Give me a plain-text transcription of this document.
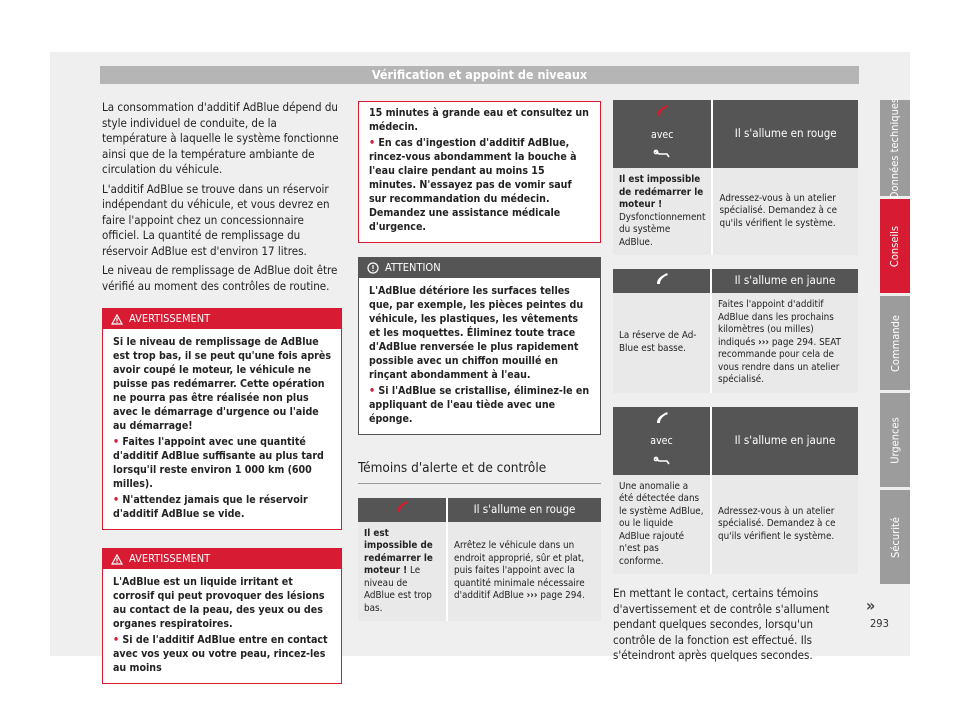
Vérification et appoint de niveaux
Données techniques
Conseils
Commande
Urgences
Sécurité
293

La consommation d'additif AdBlue dépend du style individuel de conduite, de la température à laquelle le système fonctionne ainsi que de la température ambiante de circulation du véhicule.

L'additif AdBlue se trouve dans un réservoir indépendant du véhicule, et vous devrez en faire l'appoint chez un concessionnaire officiel. La quantité de remplissage du réservoir AdBlue est d'environ 17 litres.

Le niveau de remplissage de AdBlue doit être vérifié au moment des contrôles de routine.

AVERTISSEMENT
Si le niveau de remplissage de AdBlue est trop bas, il se peut qu'une fois après avoir coupé le moteur, le véhicule ne puisse pas redémarrer. Cette opération ne pourra pas être réalisée non plus avec le démarrage d'urgence ou l'aide au démarrage!
• Faites l'appoint avec une quantité d'additif AdBlue suffisante au plus tard lorsqu'il reste environ 1 000 km (600 milles).
• N'attendez jamais que le réservoir d'additif AdBlue se vide.
AVERTISSEMENT
L'AdBlue est un liquide irritant et corrosif qui peut provoquer des lésions au contact de la peau, des yeux ou des organes respiratoires.
• Si de l'additif AdBlue entre en contact avec vos yeux ou votre peau, rincez-les au moins
15 minutes à grande eau et consultez un médecin.
• En cas d'ingestion d'additif AdBlue, rincez-vous abondamment la bouche à l'eau claire pendant au moins 15 minutes. N'essayez pas de vomir sauf sur recommandation du médecin. Demandez une assistance médicale d'urgence.
ATTENTION
L'AdBlue détériore les surfaces telles que, par exemple, les pièces peintes du véhicule, les plastiques, les vêtements et les moquettes. Éliminez toute trace d'AdBlue renversée le plus rapidement possible avec un chiffon mouillé en rinçant abondamment à l'eau.
• Si l'AdBlue se cristallise, éliminez-le en appliquant de l'eau tiède avec une éponge.
Témoins d'alerte et de contrôle
	Il s'allume en rouge
Il est impossible de redémarrer le moteur ! Le niveau de AdBlue est trop bas.	Arrêtez le véhicule dans un endroit approprié, sûr et plat, puis faites l'appoint avec la quantité minimale nécessaire d'additif AdBlue ››› page 294.
avec	Il s'allume en rouge
Il est impossible de redémarrer le moteur ! Dysfonctionnement du système AdBlue.	Adressez-vous à un atelier spécialisé. Demandez à ce qu'ils vérifient le système.
	Il s'allume en jaune
La réserve de Ad-Blue est basse.	Faites l'appoint d'additif AdBlue dans les prochains kilomètres (ou milles) indiqués ››› page 294. SEAT recommande pour cela de vous rendre dans un atelier spécialisé.
avec	Il s'allume en jaune
Une anomalie a été détectée dans le système AdBlue, ou le liquide AdBlue rajouté n'est pas conforme.	Adressez-vous à un atelier spécialisé. Demandez à ce qu'ils vérifient le système.

En mettant le contact, certains témoins d'avertissement et de contrôle s'allument pendant quelques secondes, lorsqu'un contrôle de la fonction est effectué. Ils s'éteindront après quelques secondes.

»
